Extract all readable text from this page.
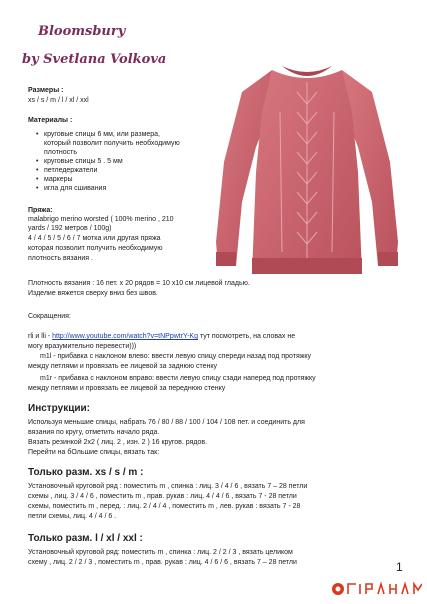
Bloomsbury
by Svetlana Volkova
Размеры :
xs / s / m / l / xl / xxl
Материалы :
• круговые спицы 6 мм, или размера,
который позволит получить необходимую
плотность
• круговые спицы 5 . 5 мм
• петледержатели
• маркеры
• игла для сшивания
Пряжа:
malabrigo merino worsted ( 100% merino , 210
yards / 192 метров / 100g)
4 / 4 / 5 / 5 / 6 / 7 мотка или другая пряжа
которая позволит получить необходимую
плотность вязания .
Плотность вязания : 16 пет. x 20 рядов = 10 x10 см лицевой гладью.
Изделие вяжется сверху вниз без швов.
Сокращения:
rli и lli - http://www.youtube.com/watch?v=tNPpwtrY-Kg тут посмотреть, на словах не
могу вразумительно перевести)))
m1l - прибавка с наклоном влево: ввести левую спицу спереди назад под протяжку
между петлями и провязать ее лицевой за заднюю стенку
m1r - прибавка с наклоном вправо: ввести левую спицу сзади наперед под протяжку
между петлями и провязать ее лицевой за переднюю стенку
Инструкции:
Используя меньшие спицы, набрать 76 / 80 / 88 / 100 / 104 / 108 пет. и соединить для
вязания по кругу, отметить начало ряда.
Вязать резинкой 2x2 ( лиц. 2 , изн. 2 ) 16 кругов. рядов.
Перейти на бОльшие спицы, вязать так:
Только разм. xs / s / m :
Установочный круговой ряд : поместить m , спинка : лиц. 3 / 4 / 6 , вязать 7 – 28 петли
схемы , лиц. 3 / 4 / 6 , поместить m , прав. рукав : лиц. 4 / 4 / 6 , вязать 7 - 28 петли
схемы, поместить m , перед. : лиц. 2 / 4 / 4 , поместить m , лев. рукав : вязать 7 - 28
петли схемы, лиц. 4 / 4 / 6 .
Только разм. l / xl / xxl :
Установочный круговой ряд: поместить m , спинка : лиц. 2 / 2 / 3 , вязать целиком
схему , лиц. 2 / 2 / 3 , поместить m , прав. рукав : лиц. 4 / 6 / 6 , вязать 7 – 28 петли	1
